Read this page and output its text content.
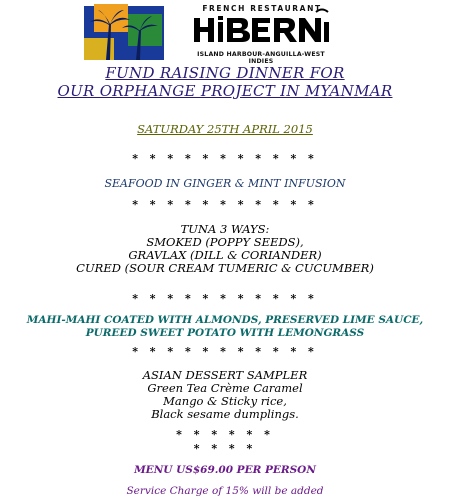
FRENCH RESTAURANT
ISLAND HARBOUR-ANGUILLA-WEST INDIES
FUND RAISING DINNER FOR
OUR ORPHANGE PROJECT IN MYANMAR
SATURDAY 25TH APRIL 2015
* * * * * * * * * * *
SEAFOOD IN GINGER & MINT INFUSION
* * * * * * * * * * *
TUNA 3 WAYS:
SMOKED (POPPY SEEDS),
GRAVLAX (DILL & CORIANDER)
CURED (SOUR CREAM TUMERIC & CUCUMBER)
* * * * * * * * * * *
MAHI-MAHI COATED WITH ALMONDS, PRESERVED LIME SAUCE,
PUREED SWEET POTATO WITH LEMONGRASS
* * * * * * * * * * *
ASIAN DESSERT SAMPLER
Green Tea Crème Caramel
Mango & Sticky rice,
Black sesame dumplings.
* * * * * *
* * * *
MENU US$69.00 PER PERSON
Service Charge of 15% will be added
